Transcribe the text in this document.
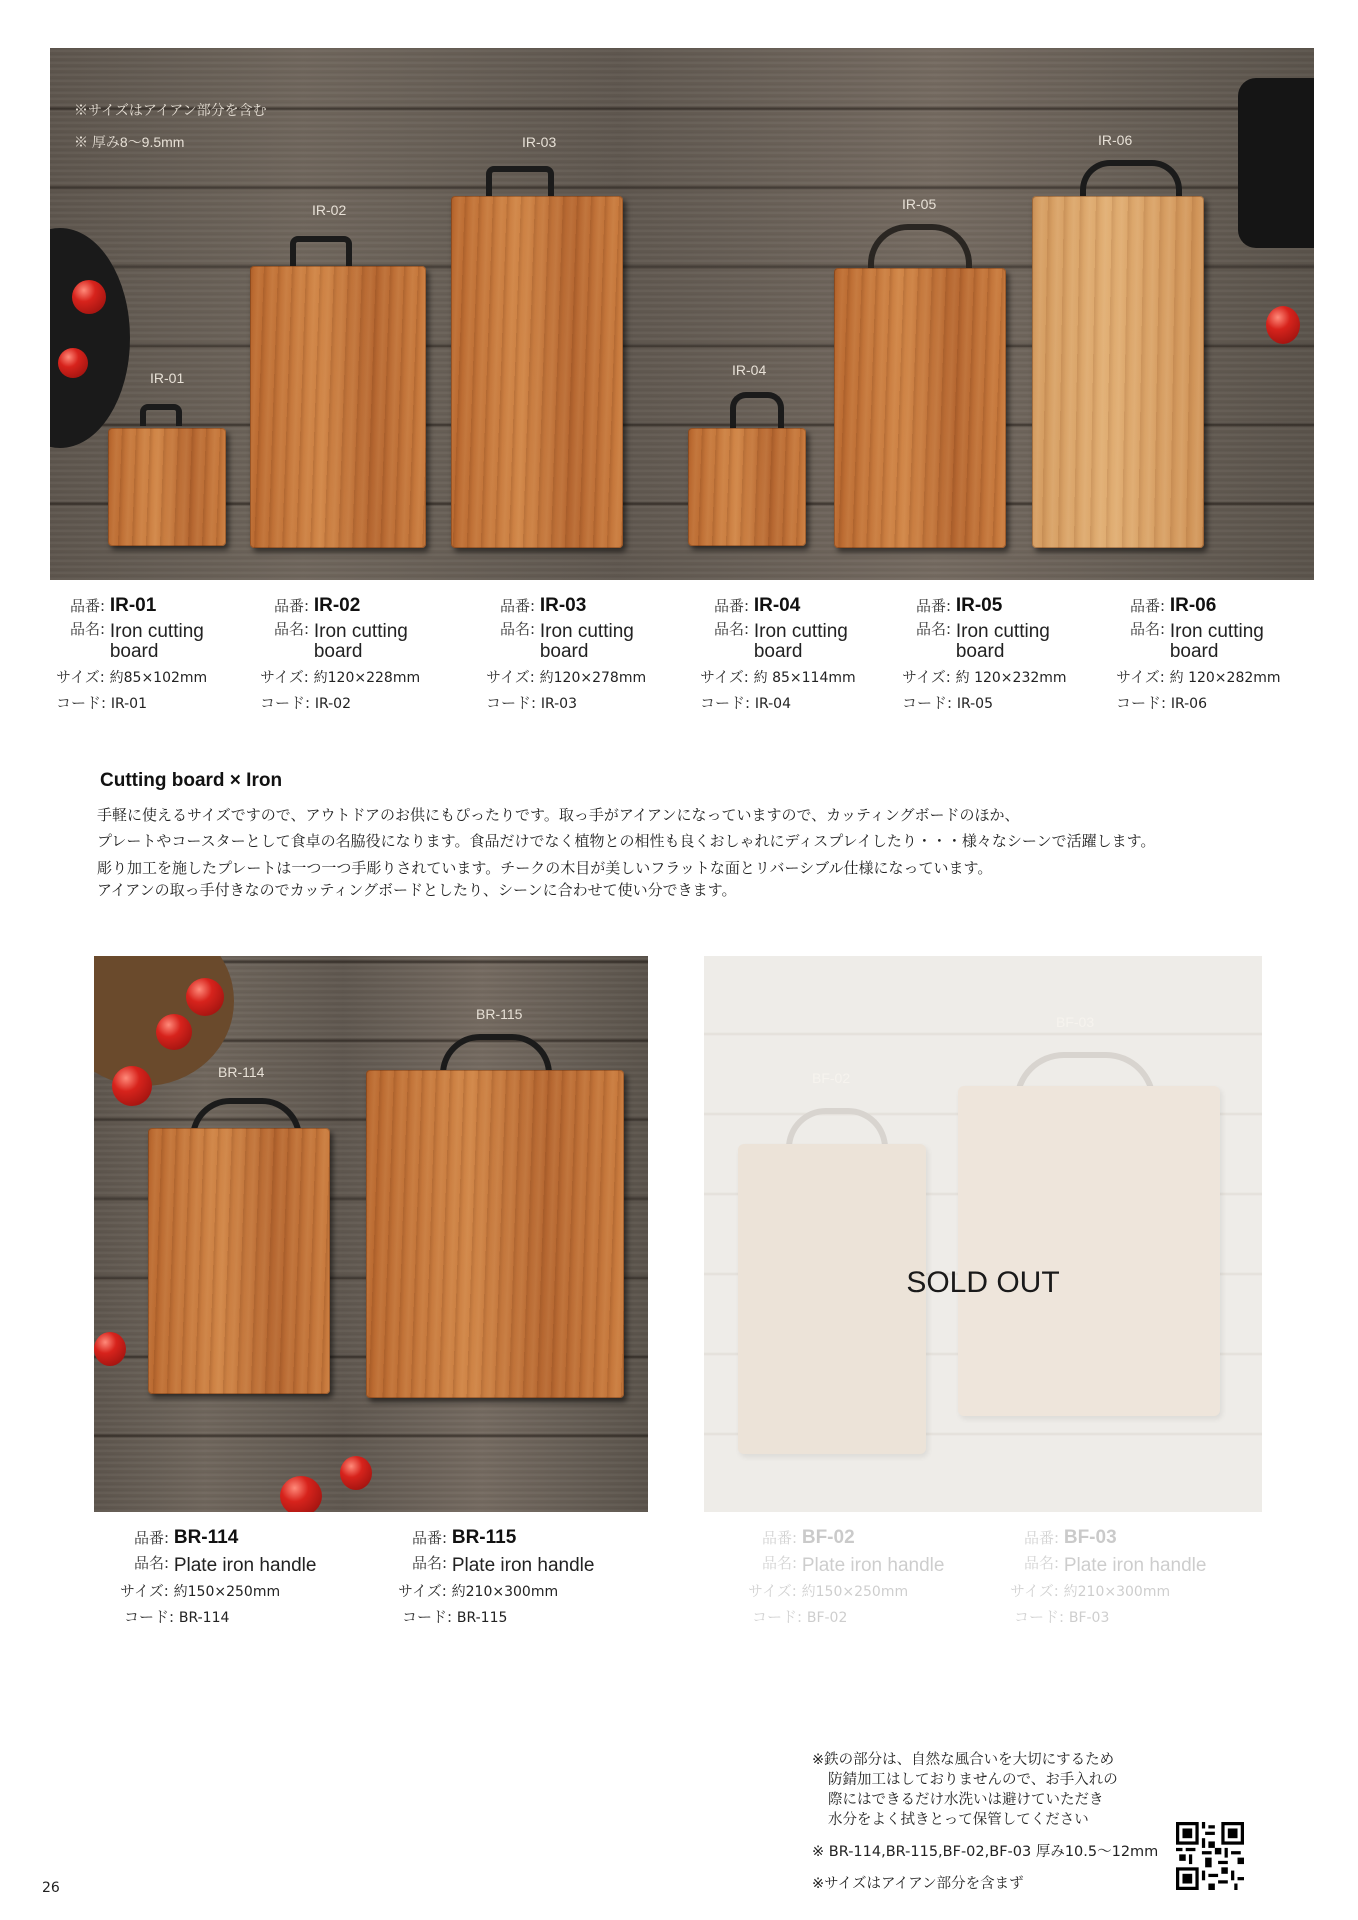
※サイズはアイアン部分を含む
※ 厚み8〜9.5mm
IR-01
IR-02
IR-03
IR-04
IR-05
IR-06
品番: IR-01
品名: Iron cutting board
サイズ: 約85×102mm
コード: IR-01
品番: IR-02
品名: Iron cutting board
サイズ: 約120×228mm
コード: IR-02
品番: IR-03
品名: Iron cutting board
サイズ: 約120×278mm
コード: IR-03
品番: IR-04
品名: Iron cutting board
サイズ: 約 85×114mm
コード: IR-04
品番: IR-05
品名: Iron cutting board
サイズ: 約 120×232mm
コード: IR-05
品番: IR-06
品名: Iron cutting board
サイズ: 約 120×282mm
コード: IR-06
Cutting board × Iron
手軽に使えるサイズですので、アウトドアのお供にもぴったりです。取っ手がアイアンになっていますので、カッティングボードのほか、
プレートやコースターとして食卓の名脇役になります。食品だけでなく植物との相性も良くおしゃれにディスプレイしたり・・・様々なシーンで活躍します。
彫り加工を施したプレートは一つ一つ手彫りされています。チークの木目が美しいフラットな面とリバーシブル仕様になっています。
アイアンの取っ手付きなのでカッティングボードとしたり、シーンに合わせて使い分できます。
BR-114
BR-115
BF-02
BF-03
SOLD OUT
品番: BR-114
品名: Plate iron handle
サイズ: 約150×250mm
コード: BR-114
品番: BR-115
品名: Plate iron handle
サイズ: 約210×300mm
コード: BR-115
品番: BF-02
品名: Plate iron handle
サイズ: 約150×250mm
コード: BF-02
品番: BF-03
品名: Plate iron handle
サイズ: 約210×300mm
コード: BF-03
※鉄の部分は、自然な風合いを大切にするため
防錆加工はしておりませんので、お手入れの
際にはできるだけ水洗いは避けていただき
水分をよく拭きとって保管してください
※ BR-114,BR-115,BF-02,BF-03 厚み10.5〜12mm
※サイズはアイアン部分を含まず
26
